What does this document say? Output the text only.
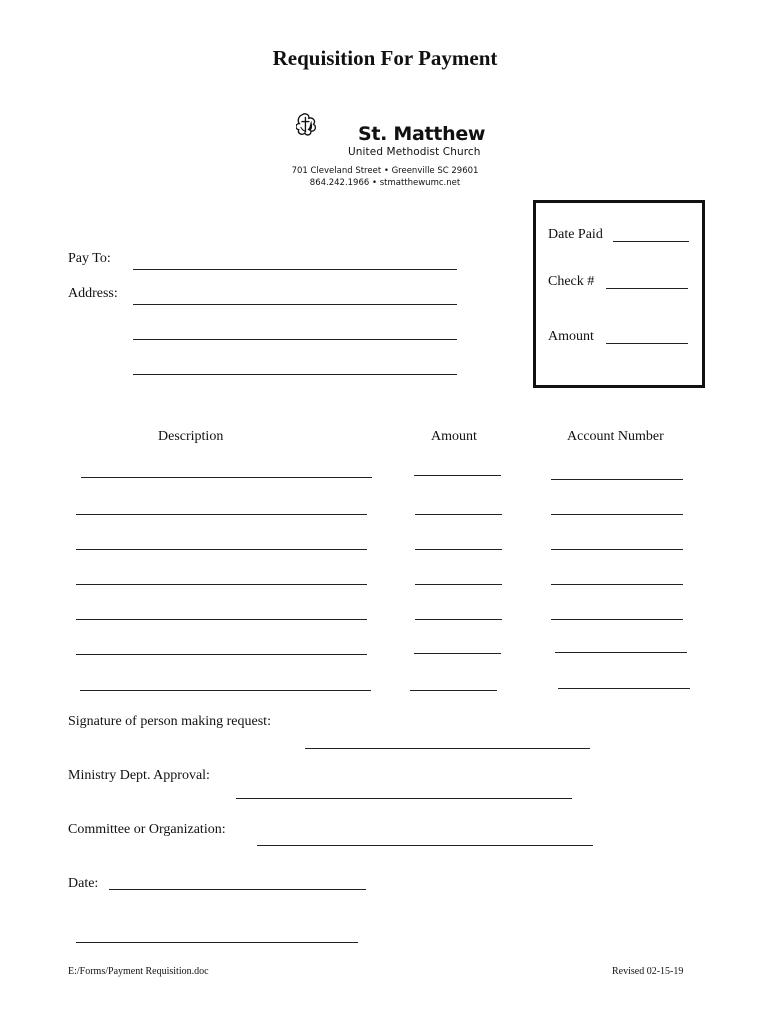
Requisition For Payment
St. Matthew
United Methodist Church
701 Cleveland Street • Greenville SC 29601
864.242.1966 • stmatthewumc.net
Pay To:
Address:
Date Paid
Check #
Amount
Description	Amount	Account Number
Signature of person making request:
Ministry Dept. Approval:
Committee or Organization:
Date:
E:/Forms/Payment Requisition.doc	Revised 02-15-19
